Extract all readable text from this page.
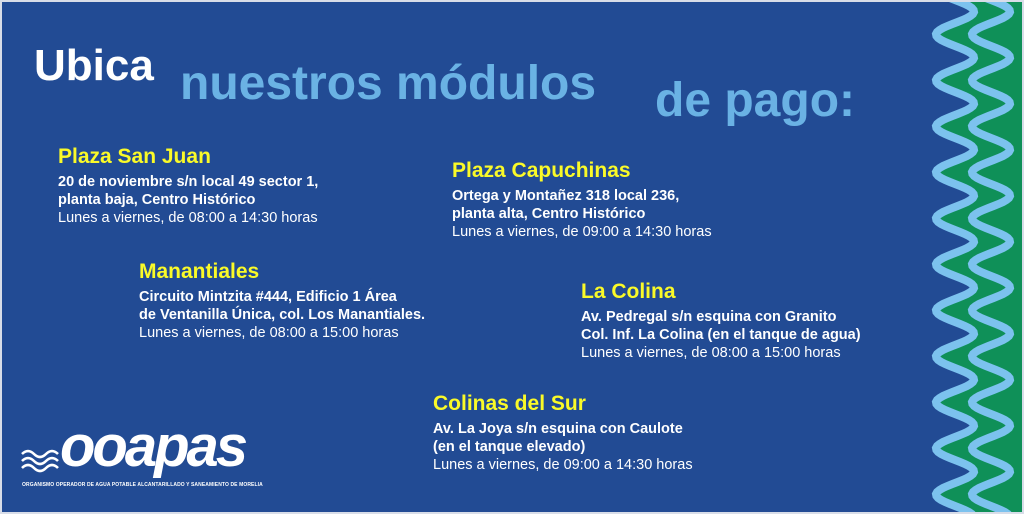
Ubica nuestros módulos de pago:
Plaza San Juan
20 de noviembre s/n local 49 sector 1,
planta baja, Centro Histórico
Lunes a viernes, de 08:00 a 14:30 horas
Plaza Capuchinas
Ortega y Montañez 318 local 236,
planta alta, Centro Histórico
Lunes a viernes, de 09:00 a 14:30 horas
Manantiales
Circuito Mintzita #444, Edificio 1 Área
de Ventanilla Única, col. Los Manantiales.
Lunes a viernes, de 08:00 a 15:00 horas
La Colina
Av. Pedregal s/n esquina con Granito
Col. Inf. La Colina (en el tanque de agua)
Lunes a viernes, de 08:00 a 15:00 horas
Colinas del Sur
Av. La Joya s/n esquina con Caulote
(en el tanque elevado)
Lunes a viernes, de 09:00 a 14:30 horas
ooapas
ORGANISMO OPERADOR DE AGUA POTABLE ALCANTARILLADO Y SANEAMIENTO DE MORELIA
